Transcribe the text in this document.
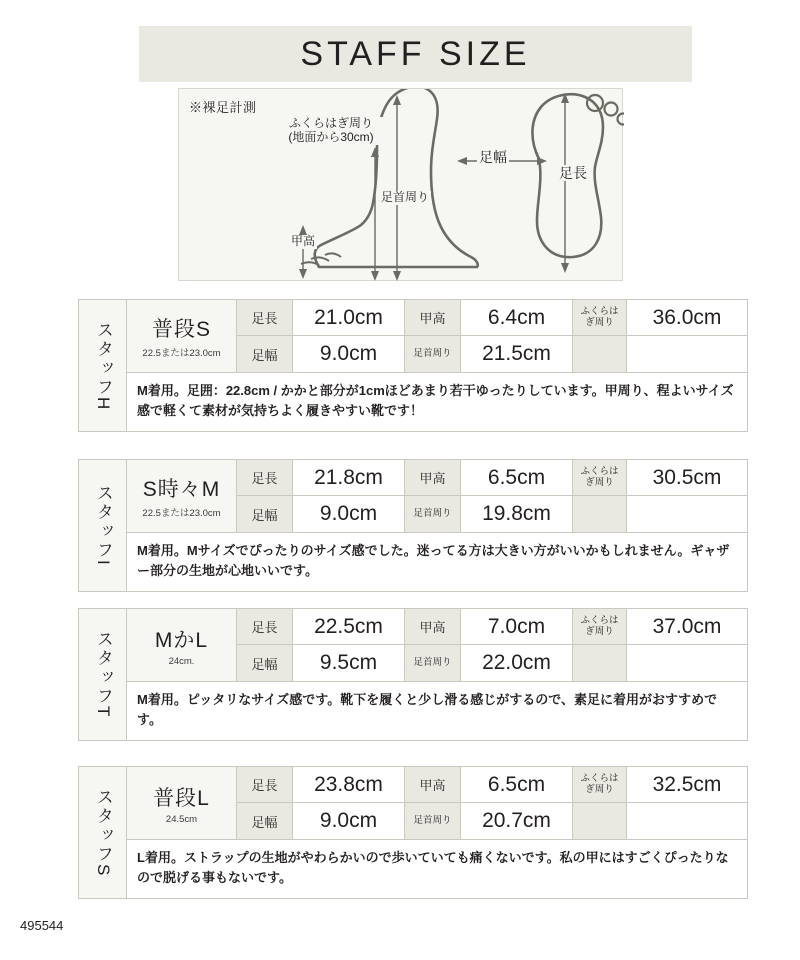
STAFF SIZE
※裸足計測
ふくらはぎ周り
(地面から30cm)
足首周り
甲高
足幅
足長
スタッフH 普段S
22.5または23.0cm
足長	21.0cm	甲高	6.4cm	ふくらはぎ周り	36.0cm
足幅	9.0cm	足首周り	21.5cm
M着用。足囲：22.8cm / かかと部分が1cmほどあまり若干ゆったりしています。甲周り、程よいサイズ感で軽くて素材が気持ちよく履きやすい靴です！
スタッフI S時々M
22.5または23.0cm
足長	21.8cm	甲高	6.5cm	ふくらはぎ周り	30.5cm
足幅	9.0cm	足首周り	19.8cm
M着用。Mサイズでぴったりのサイズ感でした。迷ってる方は大きい方がいいかもしれません。ギャザー部分の生地が心地いいです。
スタッフT MかL
24cm.
足長	22.5cm	甲高	7.0cm	ふくらはぎ周り	37.0cm
足幅	9.5cm	足首周り	22.0cm
M着用。ピッタリなサイズ感です。靴下を履くと少し滑る感じがするので、素足に着用がおすすめです。
スタッフS 普段L
24.5cm
足長	23.8cm	甲高	6.5cm	ふくらはぎ周り	32.5cm
足幅	9.0cm	足首周り	20.7cm
L着用。ストラップの生地がやわらかいので歩いていても痛くないです。私の甲にはすごくぴったりなので脱げる事もないです。
495544
